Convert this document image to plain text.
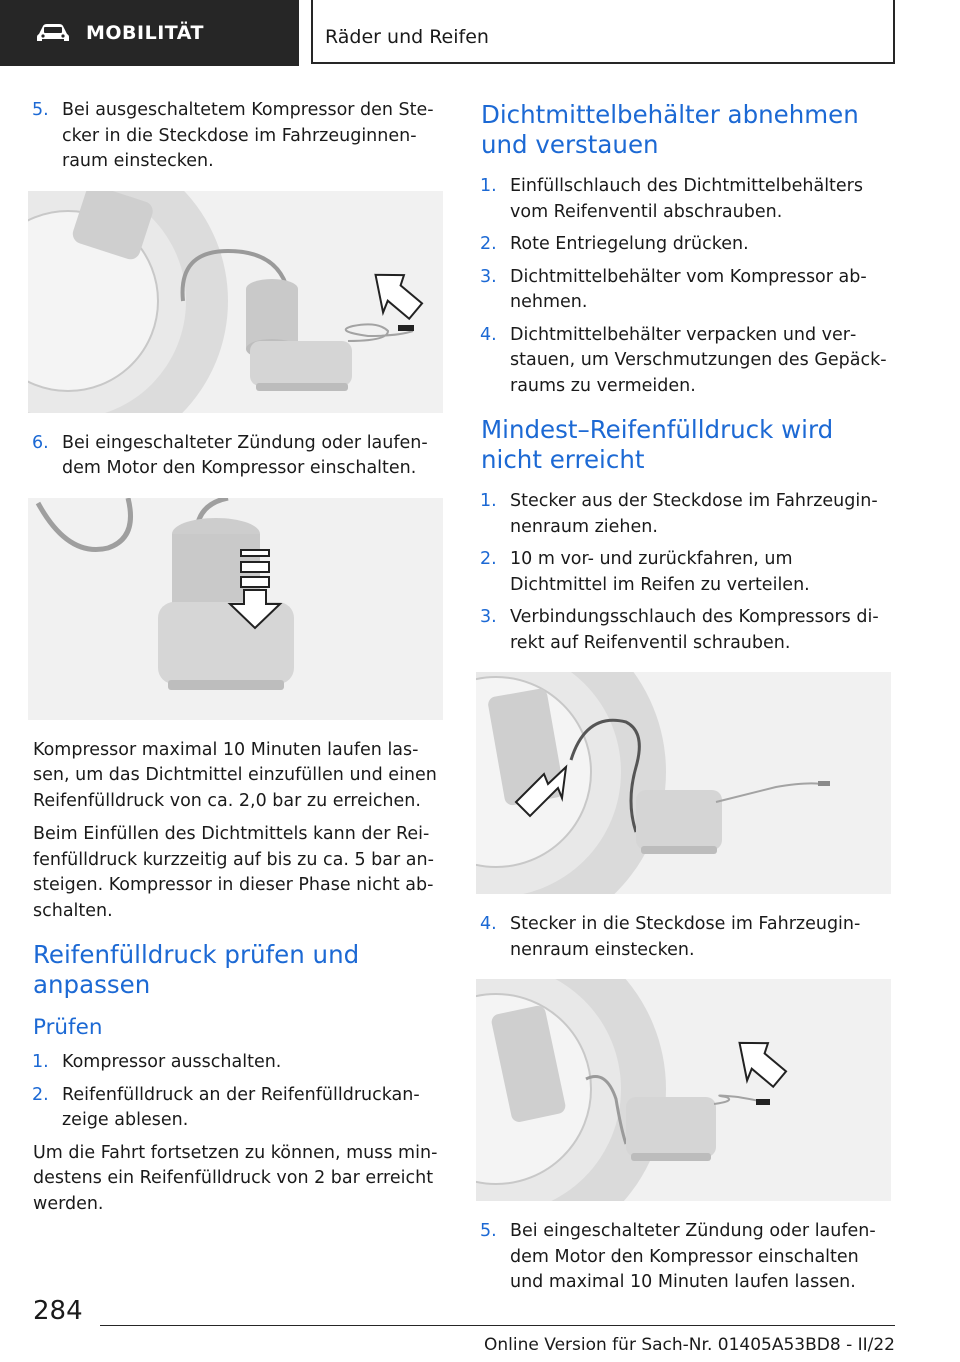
MOBILITÄT	Räder und Reifen
5. Bei ausgeschaltetem Kompressor den Stecker in die Steckdose im Fahrzeuginnenraum einstecken.
6. Bei eingeschalteter Zündung oder laufendem Motor den Kompressor einschalten.

Kompressor maximal 10 Minuten laufen lassen, um das Dichtmittel einzufüllen und einen Reifenfülldruck von ca. 2,0 bar zu erreichen.

Beim Einfüllen des Dichtmittels kann der Reifenfülldruck kurzzeitig auf bis zu ca. 5 bar ansteigen. Kompressor in dieser Phase nicht abschalten.

Reifenfülldruck prüfen und anpassen
Prüfen
1. Kompressor ausschalten.
2. Reifenfülldruck an der Reifenfülldruckanzeige ablesen.

Um die Fahrt fortsetzen zu können, muss mindestens ein Reifenfülldruck von 2 bar erreicht werden.

Dichtmittelbehälter abnehmen und verstauen
1. Einfüllschlauch des Dichtmittelbehälters vom Reifenventil abschrauben.
2. Rote Entriegelung drücken.
3. Dichtmittelbehälter vom Kompressor abnehmen.
4. Dichtmittelbehälter verpacken und verstauen, um Verschmutzungen des Gepäckraums zu vermeiden.
Mindest–Reifenfülldruck wird nicht erreicht
1. Stecker aus der Steckdose im Fahrzeuginnenraum ziehen.
2. 10 m vor- und zurückfahren, um Dichtmittel im Reifen zu verteilen.
3. Verbindungsschlauch des Kompressors direkt auf Reifenventil schrauben.
4. Stecker in die Steckdose im Fahrzeuginnenraum einstecken.
5. Bei eingeschalteter Zündung oder laufendem Motor den Kompressor einschalten und maximal 10 Minuten laufen lassen.
284
Online Version für Sach-Nr. 01405A53BD8 - II/22
